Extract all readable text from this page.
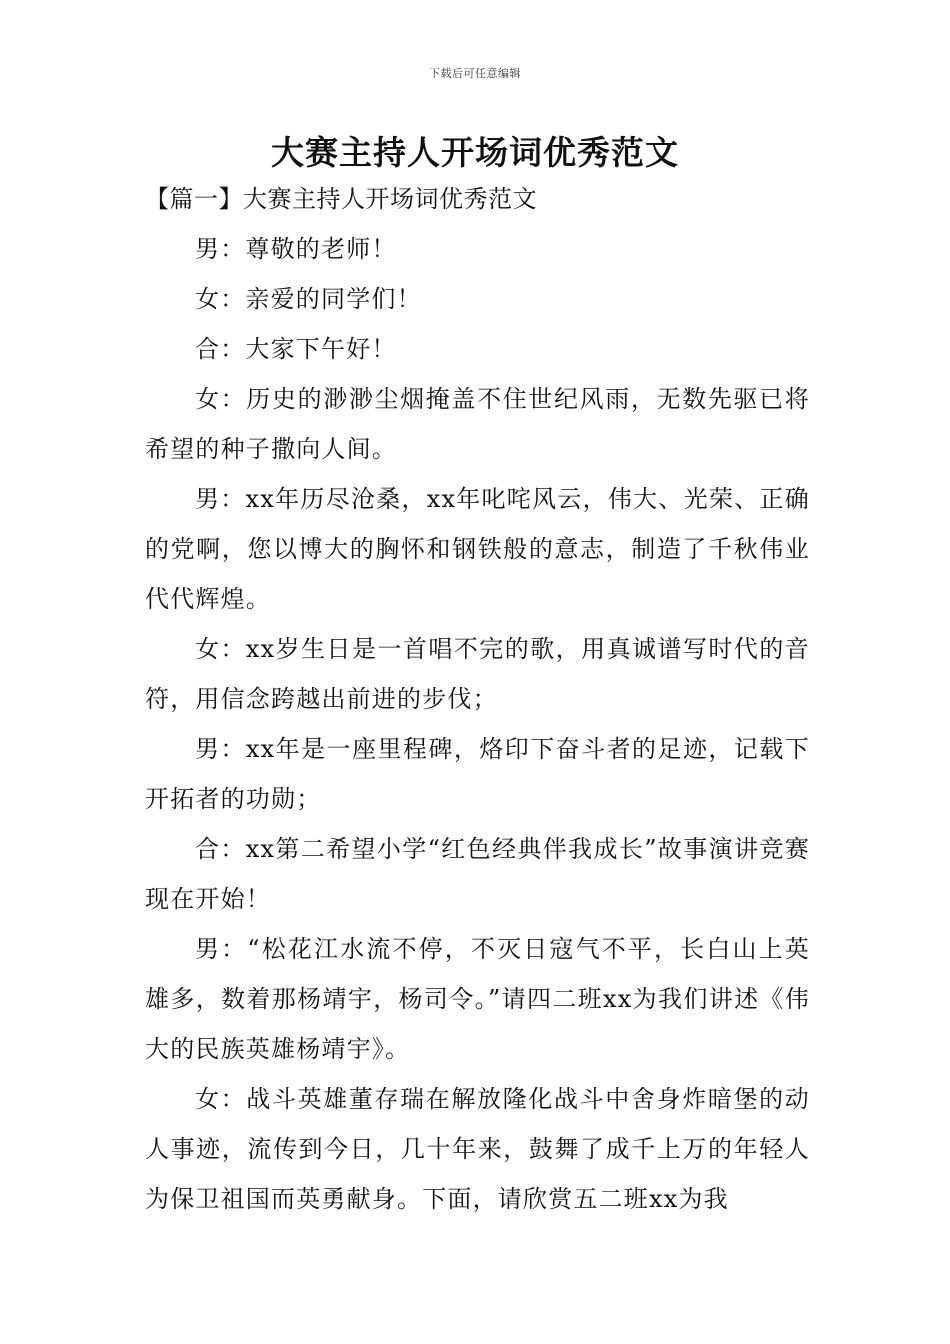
下载后可任意编辑
大赛主持人开场词优秀范文

【篇一】大赛主持人开场词优秀范文

男：尊敬的老师！

女：亲爱的同学们！

合：大家下午好！

女：历史的渺渺尘烟掩盖不住世纪风雨，无数先驱已将希望的种子撒向人间。

男：xx年历尽沧桑，xx年叱咤风云，伟大、光荣、正确的党啊，您以博大的胸怀和钢铁般的意志，制造了千秋伟业代代辉煌。

女：xx岁生日是一首唱不完的歌，用真诚谱写时代的音符，用信念跨越出前进的步伐；

男：xx年是一座里程碑，烙印下奋斗者的足迹，记载下开拓者的功勋；

合：xx第二希望小学“红色经典伴我成长”故事演讲竞赛现在开始！

男：“松花江水流不停，不灭日寇气不平，长白山上英雄多，数着那杨靖宇，杨司令。”请四二班xx为我们讲述《伟大的民族英雄杨靖宇》。

女：战斗英雄董存瑞在解放隆化战斗中舍身炸暗堡的动人事迹，流传到今日，几十年来，鼓舞了成千上万的年轻人为保卫祖国而英勇献身。下面，请欣赏五二班xx为我
